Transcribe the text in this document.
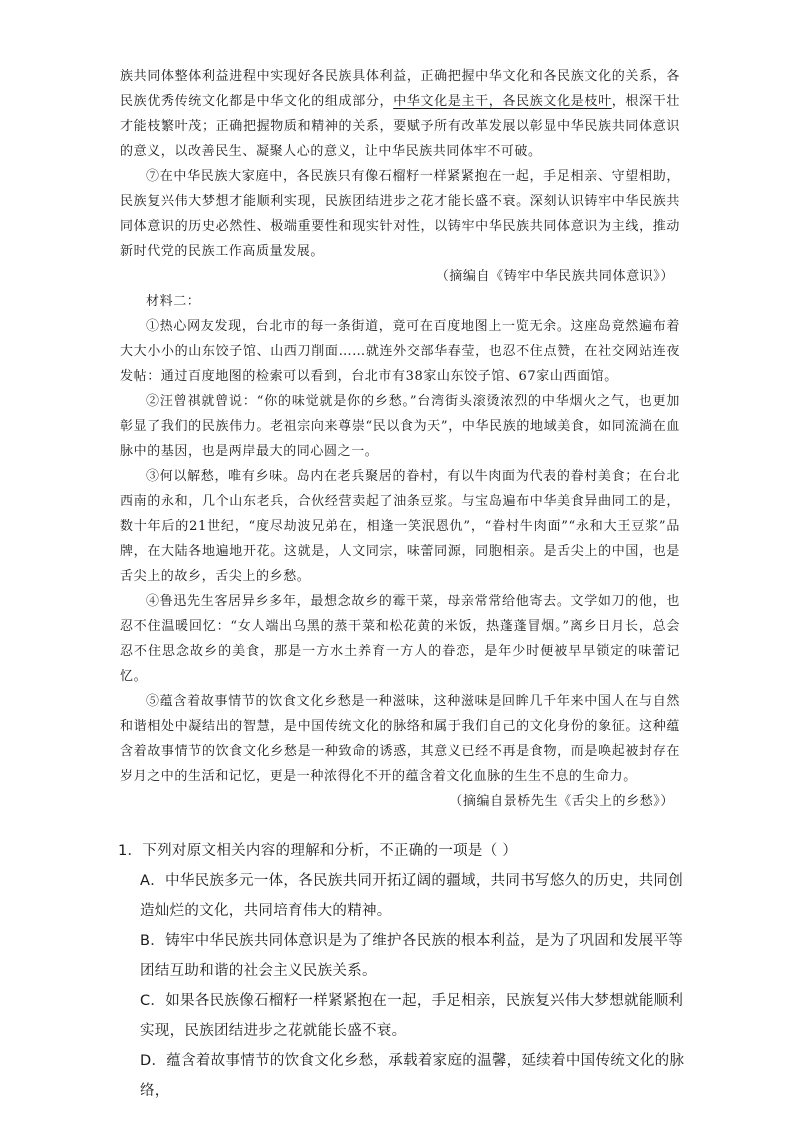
族共同体整体利益进程中实现好各民族具体利益，正确把握中华文化和各民族文化的关系，各民族优秀传统文化都是中华文化的组成部分，中华文化是主干，各民族文化是枝叶，根深干壮才能枝繁叶茂；正确把握物质和精神的关系，要赋予所有改革发展以彰显中华民族共同体意识的意义，以改善民生、凝聚人心的意义，让中华民族共同体牢不可破。

⑦在中华民族大家庭中，各民族只有像石榴籽一样紧紧抱在一起，手足相亲、守望相助，民族复兴伟大梦想才能顺利实现，民族团结进步之花才能长盛不衰。深刻认识铸牢中华民族共同体意识的历史必然性、极端重要性和现实针对性，以铸牢中华民族共同体意识为主线，推动新时代党的民族工作高质量发展。

（摘编自《铸牢中华民族共同体意识》）

材料二：

①热心网友发现，台北市的每一条街道，竟可在百度地图上一览无余。这座岛竟然遍布着大大小小的山东饺子馆、山西刀削面……就连外交部华春莹，也忍不住点赞，在社交网站连夜发帖：通过百度地图的检索可以看到，台北市有38家山东饺子馆、67家山西面馆。

②汪曾祺就曾说：“你的味觉就是你的乡愁。”台湾街头滚烫浓烈的中华烟火之气，也更加彰显了我们的民族伟力。老祖宗向来尊崇“民以食为天”，中华民族的地域美食，如同流淌在血脉中的基因，也是两岸最大的同心圆之一。

③何以解愁，唯有乡味。岛内在老兵聚居的眷村，有以牛肉面为代表的眷村美食；在台北西南的永和，几个山东老兵，合伙经营卖起了油条豆浆。与宝岛遍布中华美食异曲同工的是，数十年后的21世纪，“度尽劫波兄弟在，相逢一笑泯恩仇”，“眷村牛肉面”“永和大王豆浆”品牌，在大陆各地遍地开花。这就是，人文同宗，味蕾同源，同胞相亲。是舌尖上的中国，也是舌尖上的故乡，舌尖上的乡愁。

④鲁迅先生客居异乡多年，最想念故乡的霉干菜，母亲常常给他寄去。文学如刀的他，也忍不住温暖回忆：“女人端出乌黑的蒸干菜和松花黄的米饭，热蓬蓬冒烟。”离乡日月长，总会忍不住思念故乡的美食，那是一方水土养育一方人的眷恋，是年少时便被早早锁定的味蕾记忆。

⑤蕴含着故事情节的饮食文化乡愁是一种滋味，这种滋味是回眸几千年来中国人在与自然和谐相处中凝结出的智慧，是中国传统文化的脉络和属于我们自己的文化身份的象征。这种蕴含着故事情节的饮食文化乡愁是一种致命的诱惑，其意义已经不再是食物，而是唤起被封存在岁月之中的生活和记忆，更是一种浓得化不开的蕴含着文化血脉的生生不息的生命力。

（摘编自景桥先生《舌尖上的乡愁》）

1．下列对原文相关内容的理解和分析，不正确的一项是（ ）

A．中华民族多元一体，各民族共同开拓辽阔的疆域，共同书写悠久的历史，共同创造灿烂的文化，共同培育伟大的精神。
B．铸牢中华民族共同体意识是为了维护各民族的根本利益，是为了巩固和发展平等团结互助和谐的社会主义民族关系。
C．如果各民族像石榴籽一样紧紧抱在一起，手足相亲，民族复兴伟大梦想就能顺利实现，民族团结进步之花就能长盛不衰。
D．蕴含着故事情节的饮食文化乡愁，承载着家庭的温馨，延续着中国传统文化的脉络，
